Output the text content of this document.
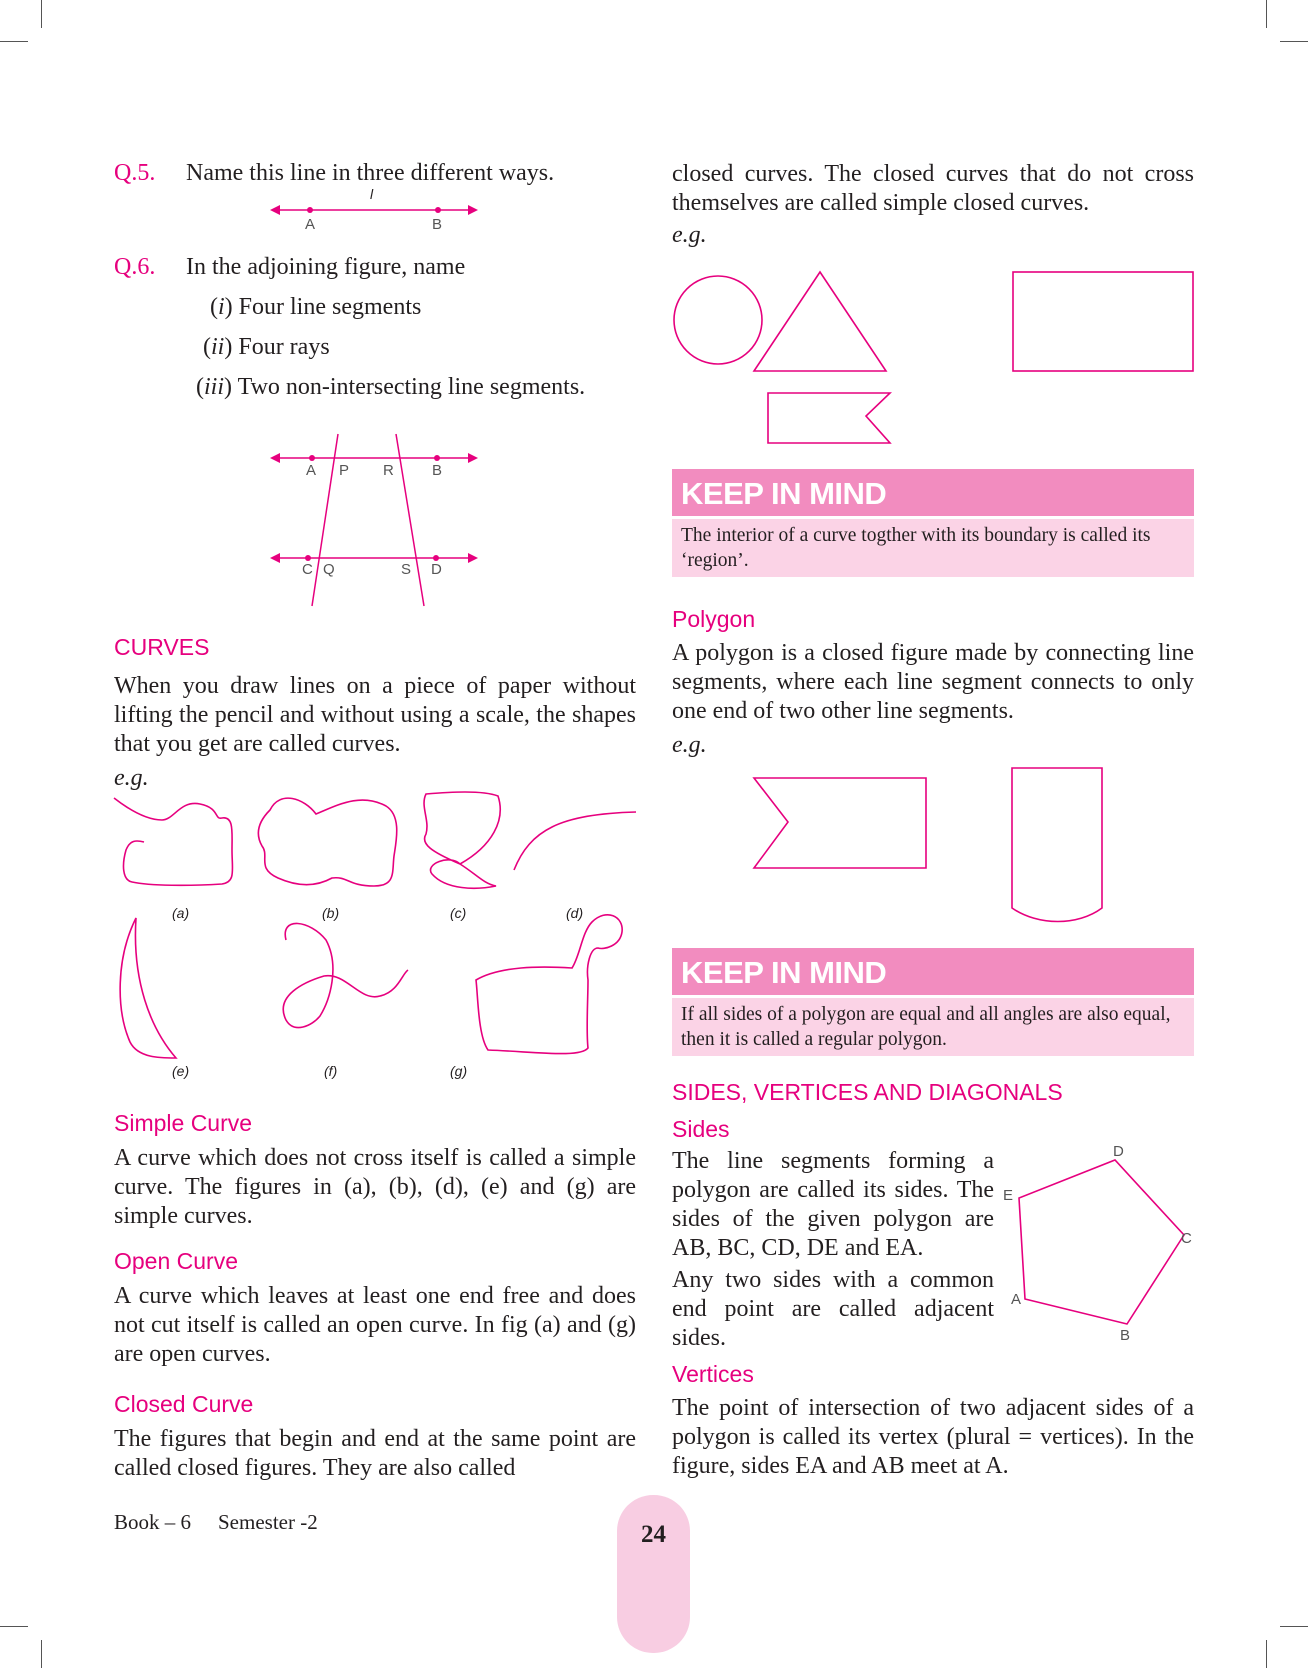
Q.5. Name this line in three different ways.
l
A	B
Q.6. In the adjoining figure, name
(i) Four line segments
(ii) Four rays
(iii) Two non-intersecting line segments.
A P R	B
C Q	S D
CURVES

When you draw lines on a piece of paper without lifting the pencil and without using a scale, the shapes that you get are called curves.

e.g.
(a)	(b)	(c)	(d)
(e)	(f)	(g)
Simple Curve

A curve which does not cross itself is called a simple curve. The figures in (a), (b), (d), (e) and (g) are simple curves.

Open Curve

A curve which leaves at least one end free and does not cut itself is called an open curve. In fig (a) and (g) are open curves.

Closed Curve

The figures that begin and end at the same point are called closed figures. They are also called

closed curves. The closed curves that do not cross themselves are called simple closed curves.

e.g.
KEEP IN MIND
The interior of a curve togther with its boundary is called its ‘region’.
Polygon

A polygon is a closed figure made by connecting line segments, where each line segment connects to only one end of two other line segments.

e.g.
KEEP IN MIND
If all sides of a polygon are equal and all angles are also equal, then it is called a regular polygon.
SIDES, VERTICES AND DIAGONALS
Sides

The line segments forming a polygon are called its sides. The sides of the given polygon are AB, BC, CD, DE and EA.

Any two sides with a common end point are called adjacent sides.

D
E
C
A
B
Vertices

The point of intersection of two adjacent sides of a polygon is called its vertex (plural = vertices). In the figure, sides EA and AB meet at A.

Book – 6 Semester -2	24
